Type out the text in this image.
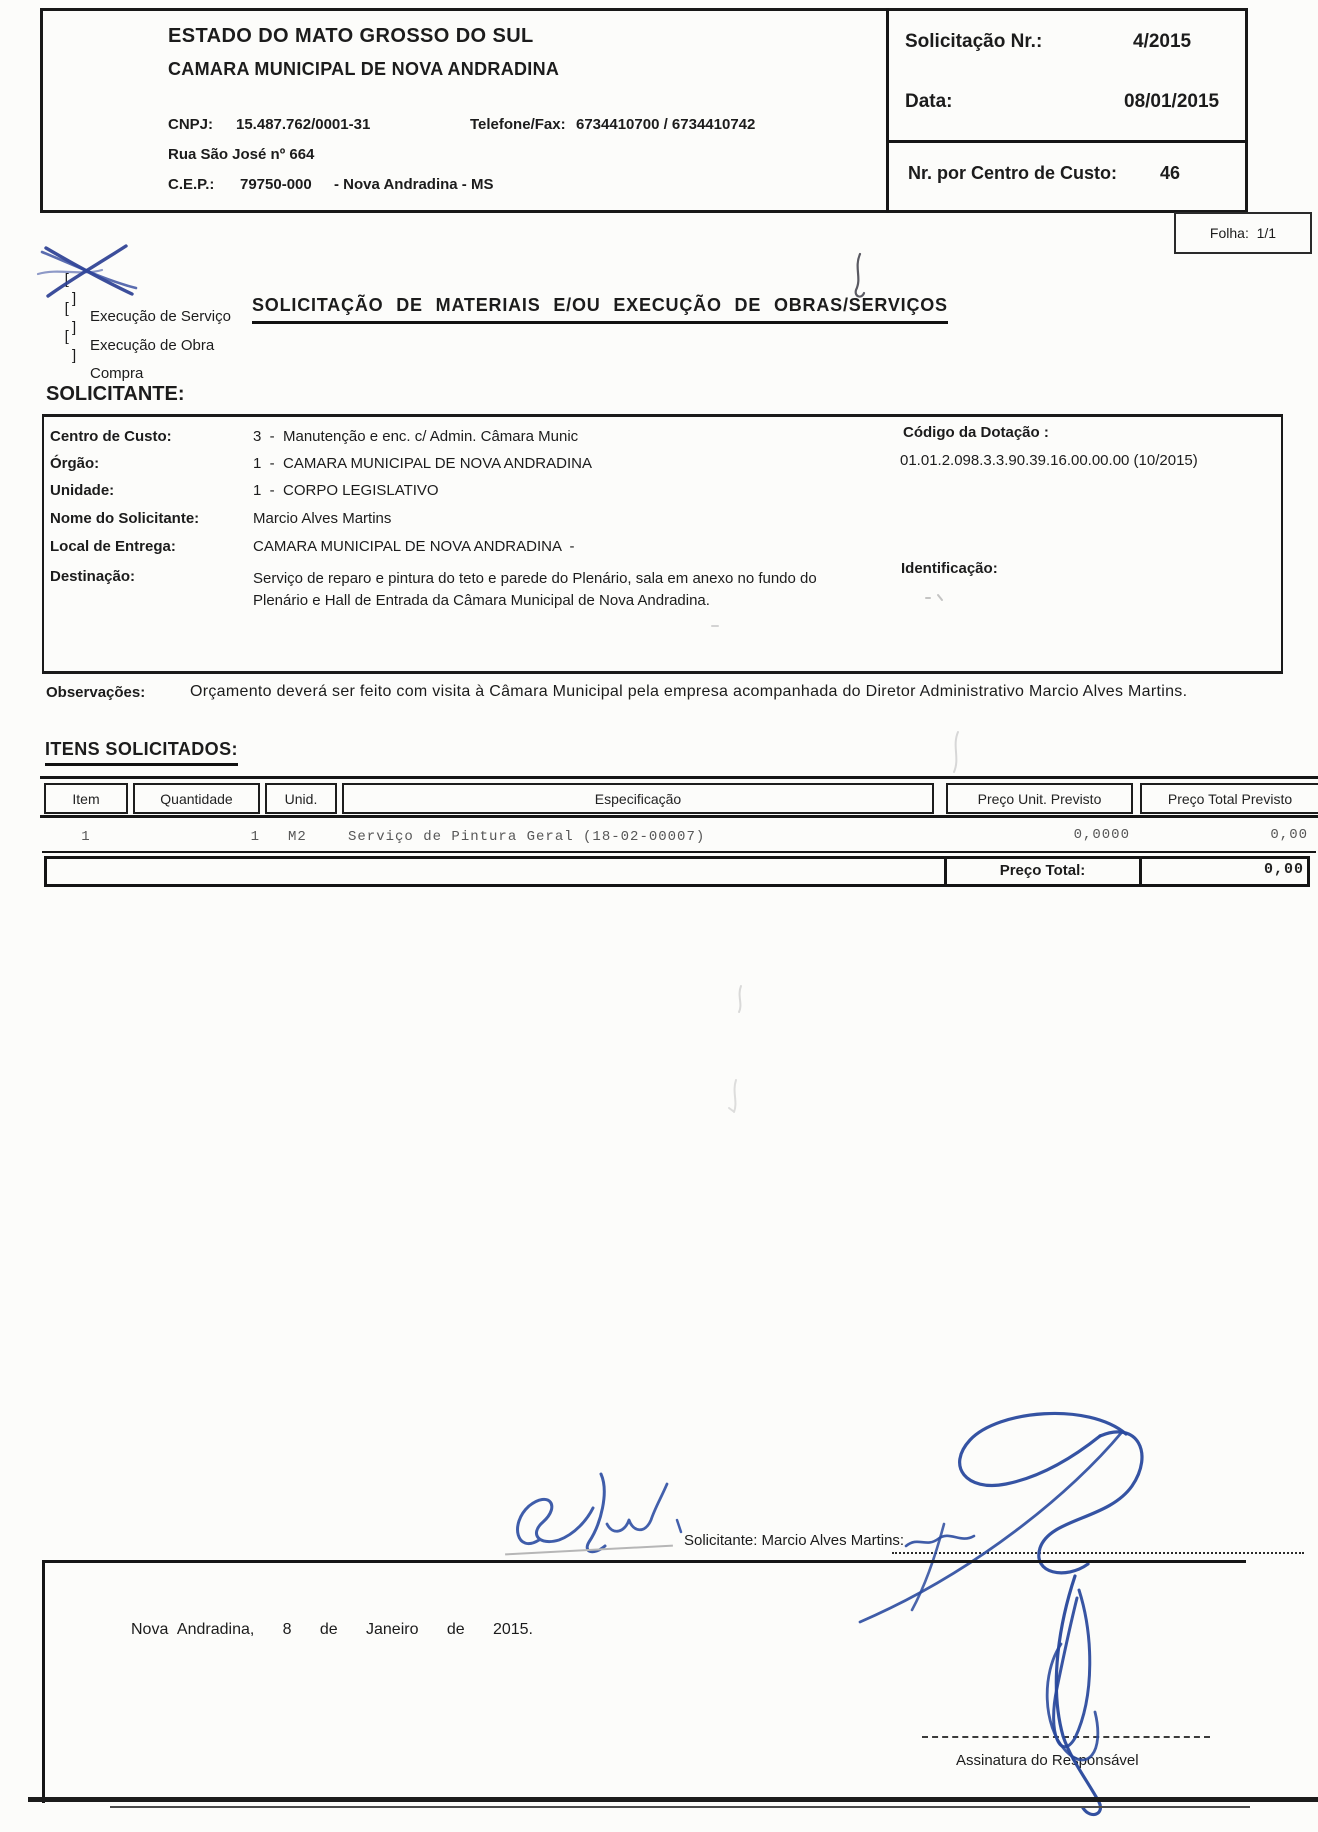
ESTADO DO MATO GROSSO DO SUL
CAMARA MUNICIPAL DE NOVA ANDRADINA
CNPJ: 15.487.762/0001-31	Telefone/Fax: 6734410700 / 6734410742
Rua São José nº 664
C.E.P.: 79750-000 - Nova Andradina - MS
Solicitação Nr.:	4/2015
Data:	08/01/2015
Nr. por Centro de Custo: 46
Folha:  1/1

[

]

Execução de Serviço

[

]

Execução de Obra

[

]

Compra

SOLICITAÇÃO DE MATERIAIS E/OU EXECUÇÃO DE OBRAS/SERVIÇOS
SOLICITANTE:
Centro de Custo:	3  -  Manutenção e enc. c/ Admin. Câmara Munic
Órgão:	1  -  CAMARA MUNICIPAL DE NOVA ANDRADINA
Unidade:	1  -  CORPO LEGISLATIVO
Nome do Solicitante:	Marcio Alves Martins
Local de Entrega:	CAMARA MUNICIPAL DE NOVA ANDRADINA  -
Destinação:	Serviço de reparo e pintura do teto e parede do Plenário, sala em anexo no fundo do Plenário e Hall de Entrada da Câmara Municipal de Nova Andradina.
Código da Dotação :
01.01.2.098.3.3.90.39.16.00.00.00 (10/2015)
Identificação:
Observações:	Orçamento deverá ser feito com visita à Câmara Municipal pela empresa acompanhada do Diretor Administrativo Marcio Alves Martins.
ITENS SOLICITADOS:
Item	Quantidade	Unid.	Especificação	Preço Unit. Previsto	Preço Total Previsto
1	1 M2	Serviço de Pintura Geral (18-02-00007)	0,0000	0,00
Preço Total:	0,00
Solicitante: Marcio Alves Martins:
Nova Andradina,   8   de   Janeiro   de   2015.
Assinatura do Responsável
